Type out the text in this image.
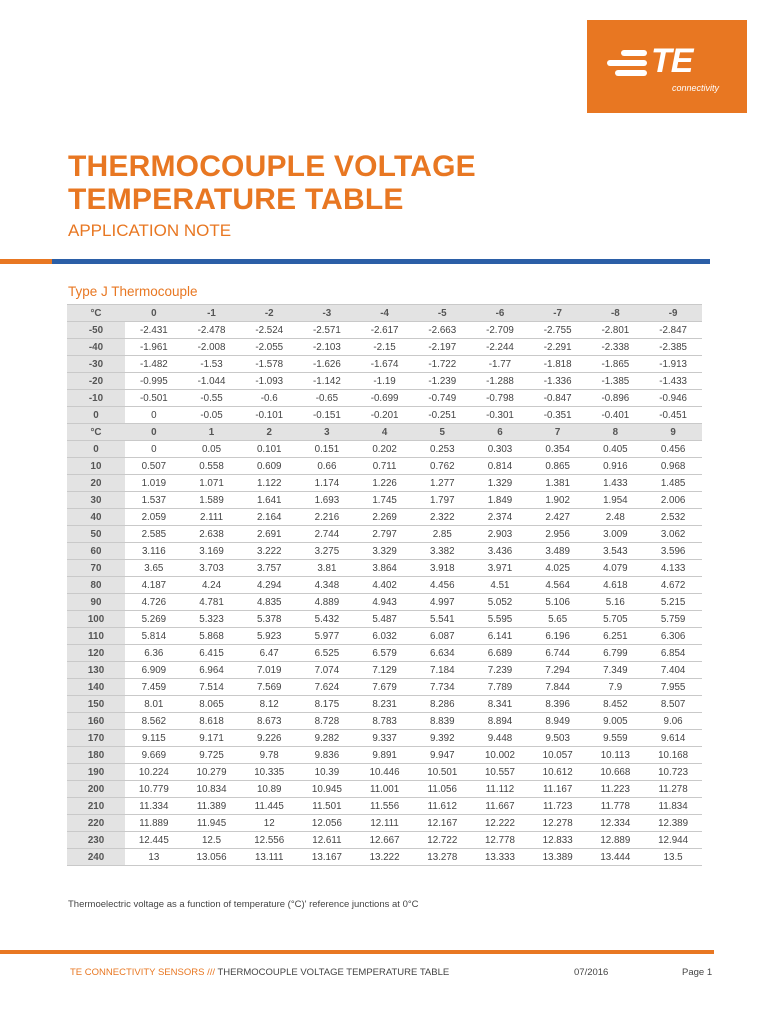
TE
connectivity
THERMOCOUPLE VOLTAGE TEMPERATURE TABLE
APPLICATION NOTE
Type J Thermocouple
°C	0	-1	-2	-3	-4	-5	-6	-7	-8	-9
-50	-2.431	-2.478	-2.524	-2.571	-2.617	-2.663	-2.709	-2.755	-2.801	-2.847
-40	-1.961	-2.008	-2.055	-2.103	-2.15	-2.197	-2.244	-2.291	-2.338	-2.385
-30	-1.482	-1.53	-1.578	-1.626	-1.674	-1.722	-1.77	-1.818	-1.865	-1.913
-20	-0.995	-1.044	-1.093	-1.142	-1.19	-1.239	-1.288	-1.336	-1.385	-1.433
-10	-0.501	-0.55	-0.6	-0.65	-0.699	-0.749	-0.798	-0.847	-0.896	-0.946
0	0	-0.05	-0.101	-0.151	-0.201	-0.251	-0.301	-0.351	-0.401	-0.451
°C	0	1	2	3	4	5	6	7	8	9
0	0	0.05	0.101	0.151	0.202	0.253	0.303	0.354	0.405	0.456
10	0.507	0.558	0.609	0.66	0.711	0.762	0.814	0.865	0.916	0.968
20	1.019	1.071	1.122	1.174	1.226	1.277	1.329	1.381	1.433	1.485
30	1.537	1.589	1.641	1.693	1.745	1.797	1.849	1.902	1.954	2.006
40	2.059	2.111	2.164	2.216	2.269	2.322	2.374	2.427	2.48	2.532
50	2.585	2.638	2.691	2.744	2.797	2.85	2.903	2.956	3.009	3.062
60	3.116	3.169	3.222	3.275	3.329	3.382	3.436	3.489	3.543	3.596
70	3.65	3.703	3.757	3.81	3.864	3.918	3.971	4.025	4.079	4.133
80	4.187	4.24	4.294	4.348	4.402	4.456	4.51	4.564	4.618	4.672
90	4.726	4.781	4.835	4.889	4.943	4.997	5.052	5.106	5.16	5.215
100	5.269	5.323	5.378	5.432	5.487	5.541	5.595	5.65	5.705	5.759
110	5.814	5.868	5.923	5.977	6.032	6.087	6.141	6.196	6.251	6.306
120	6.36	6.415	6.47	6.525	6.579	6.634	6.689	6.744	6.799	6.854
130	6.909	6.964	7.019	7.074	7.129	7.184	7.239	7.294	7.349	7.404
140	7.459	7.514	7.569	7.624	7.679	7.734	7.789	7.844	7.9	7.955
150	8.01	8.065	8.12	8.175	8.231	8.286	8.341	8.396	8.452	8.507
160	8.562	8.618	8.673	8.728	8.783	8.839	8.894	8.949	9.005	9.06
170	9.115	9.171	9.226	9.282	9.337	9.392	9.448	9.503	9.559	9.614
180	9.669	9.725	9.78	9.836	9.891	9.947	10.002	10.057	10.113	10.168
190	10.224	10.279	10.335	10.39	10.446	10.501	10.557	10.612	10.668	10.723
200	10.779	10.834	10.89	10.945	11.001	11.056	11.112	11.167	11.223	11.278
210	11.334	11.389	11.445	11.501	11.556	11.612	11.667	11.723	11.778	11.834
220	11.889	11.945	12	12.056	12.111	12.167	12.222	12.278	12.334	12.389
230	12.445	12.5	12.556	12.611	12.667	12.722	12.778	12.833	12.889	12.944
240	13	13.056	13.111	13.167	13.222	13.278	13.333	13.389	13.444	13.5
Thermoelectric voltage as a function of temperature (°C)' reference junctions at 0°C
TE CONNECTIVITY SENSORS /// THERMOCOUPLE VOLTAGE TEMPERATURE TABLE	07/2016	Page 1
